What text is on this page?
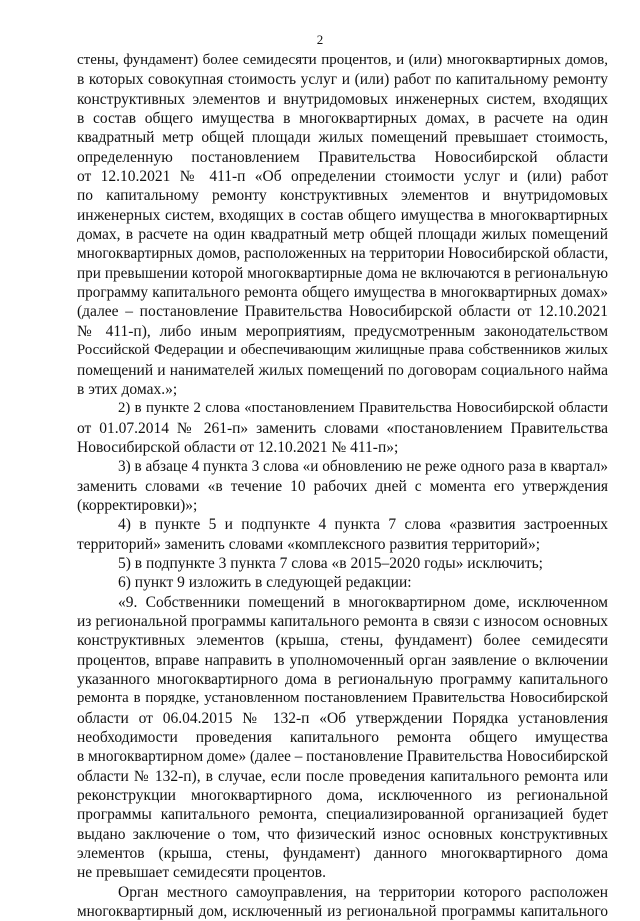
2
стены, фундамент) более семидесяти процентов, и (или) многоквартирных домов,
в которых совокупная стоимость услуг и (или) работ по капитальному ремонту
конструктивных элементов и внутридомовых инженерных систем, входящих
в состав общего имущества в многоквартирных домах, в расчете на один
квадратный метр общей площади жилых помещений превышает стоимость,
определенную постановлением Правительства Новосибирской области
от 12.10.2021 № 411-п «Об определении стоимости услуг и (или) работ
по капитальному ремонту конструктивных элементов и внутридомовых
инженерных систем, входящих в состав общего имущества в многоквартирных
домах, в расчете на один квадратный метр общей площади жилых помещений
многоквартирных домов, расположенных на территории Новосибирской области,
при превышении которой многоквартирные дома не включаются в региональную
программу капитального ремонта общего имущества в многоквартирных домах»
(далее – постановление Правительства Новосибирской области от 12.10.2021
№ 411-п), либо иным мероприятиям, предусмотренным законодательством
Российской Федерации и обеспечивающим жилищные права собственников жилых
помещений и нанимателей жилых помещений по договорам социального найма
в этих домах.»;
2) в пункте 2 слова «постановлением Правительства Новосибирской области
от 01.07.2014 № 261-п» заменить словами «постановлением Правительства
Новосибирской области от 12.10.2021 № 411-п»;
3) в абзаце 4 пункта 3 слова «и обновлению не реже одного раза в квартал»
заменить словами «в течение 10 рабочих дней с момента его утверждения
(корректировки)»;
4) в пункте 5 и подпункте 4 пункта 7 слова «развития застроенных
территорий» заменить словами «комплексного развития территорий»;
5) в подпункте 3 пункта 7 слова «в 2015–2020 годы» исключить;
6) пункт 9 изложить в следующей редакции:
«9. Собственники помещений в многоквартирном доме, исключенном
из региональной программы капитального ремонта в связи с износом основных
конструктивных элементов (крыша, стены, фундамент) более семидесяти
процентов, вправе направить в уполномоченный орган заявление о включении
указанного многоквартирного дома в региональную программу капитального
ремонта в порядке, установленном постановлением Правительства Новосибирской
области от 06.04.2015 № 132-п «Об утверждении Порядка установления
необходимости проведения капитального ремонта общего имущества
в многоквартирном доме» (далее – постановление Правительства Новосибирской
области № 132-п), в случае, если после проведения капитального ремонта или
реконструкции многоквартирного дома, исключенного из региональной
программы капитального ремонта, специализированной организацией будет
выдано заключение о том, что физический износ основных конструктивных
элементов (крыша, стены, фундамент) данного многоквартирного дома
не превышает семидесяти процентов.
Орган местного самоуправления, на территории которого расположен
многоквартирный дом, исключенный из региональной программы капитального
